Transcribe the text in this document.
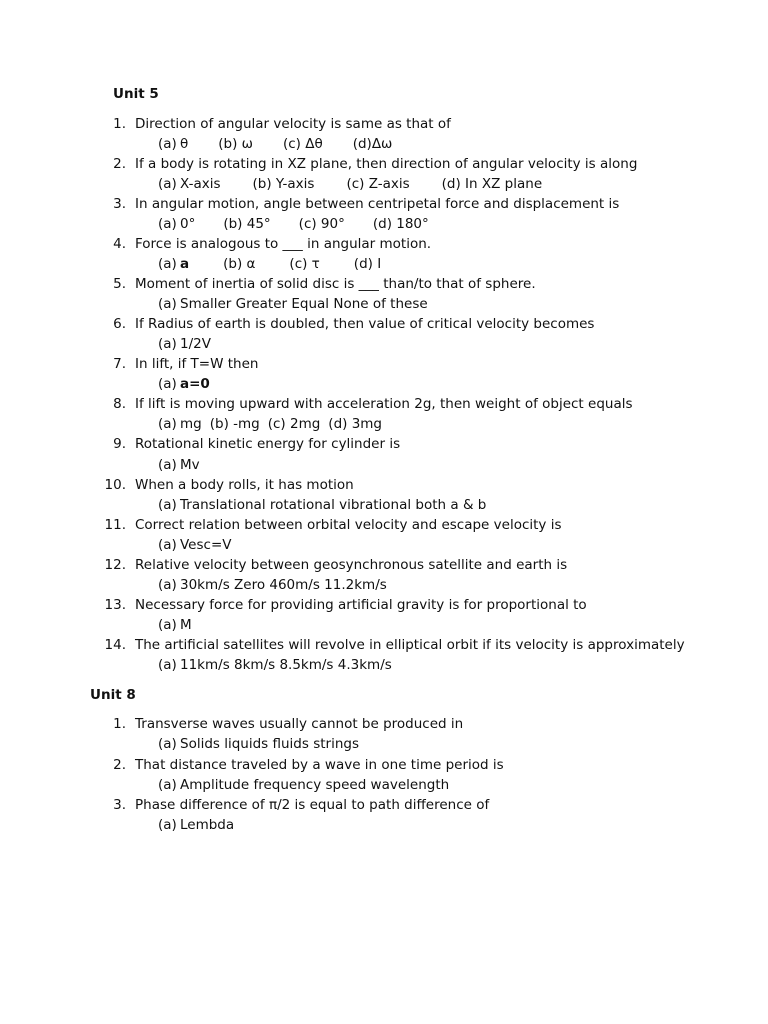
Unit 5
1. Direction of angular velocity is same as that of
(a) θ (b) ω (c) Δθ (d)Δω
2. If a body is rotating in XZ plane, then direction of angular velocity is along
(a) X-axis (b) Y-axis (c) Z-axis (d) In XZ plane
3. In angular motion, angle between centripetal force and displacement is
(a) 0° (b) 45° (c) 90° (d) 180°
4. Force is analogous to ___ in angular motion.
(a) a	(b) α	(c) τ	(d) I
5. Moment of inertia of solid disc is ___ than/to that of sphere.
(a) Smaller Greater Equal None of these
6. If Radius of earth is doubled, then value of critical velocity becomes
(a) 1/2V
7. In lift, if T=W then
(a) a=0
8. If lift is moving upward with acceleration 2g, then weight of object equals
(a) mg (b) -mg (c) 2mg (d) 3mg
9. Rotational kinetic energy for cylinder is
(a) Mv
10. When a body rolls, it has motion
(a) Translational rotational vibrational both a & b
11. Correct relation between orbital velocity and escape velocity is
(a) Vesc=V
12. Relative velocity between geosynchronous satellite and earth is
(a) 30km/s Zero 460m/s 11.2km/s
13. Necessary force for providing artificial gravity is for proportional to
(a) M
14. The artificial satellites will revolve in elliptical orbit if its velocity is approximately
(a) 11km/s 8km/s 8.5km/s 4.3km/s
Unit 8
1. Transverse waves usually cannot be produced in
(a) Solids liquids fluids strings
2. That distance traveled by a wave in one time period is
(a) Amplitude frequency speed wavelength
3. Phase difference of π/2 is equal to path difference of
(a) Lembda
